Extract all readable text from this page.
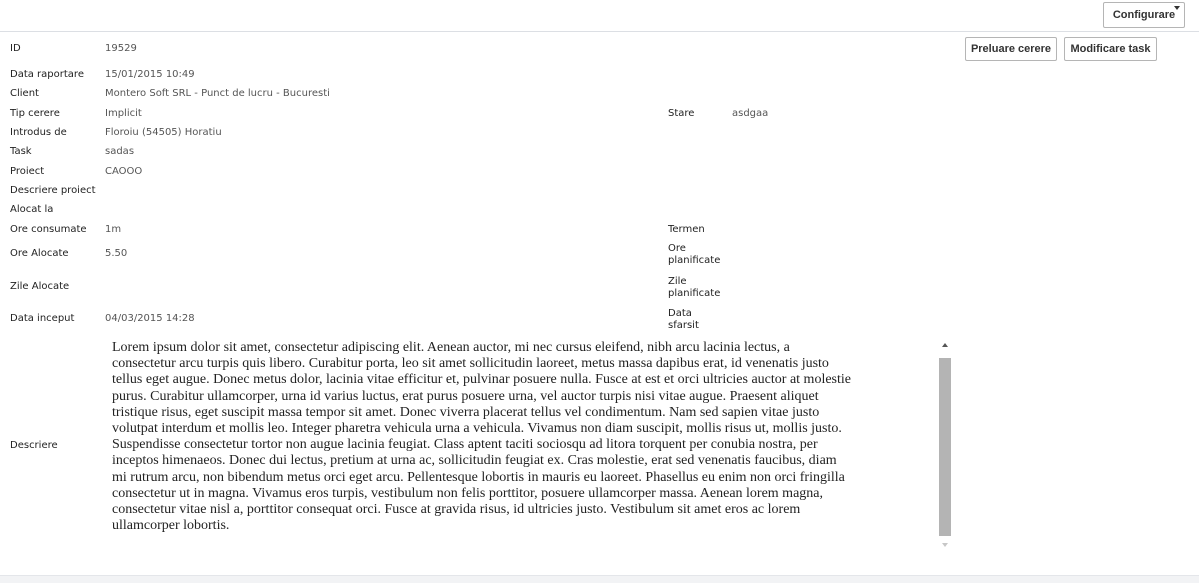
Configurare
Preluare cerere	Modificare task
ID	19529
Data raportare 15/01/2015 10:49
Client	Montero Soft SRL - Punct de lucru - Bucuresti
Tip cerere	Implicit	Stare	asdgaa
Introdus de	Floroiu (54505) Horatiu
Task	sadas
Proiect	CAOOO
Descriere proiect
Alocat la
Ore consumate 1m	Termen
Ore Alocate	5.50	Ore
planificate
Zile Alocate	Zile
planificate
Data inceput	04/03/2015 14:28	Data
sfarsit
Descriere
Lorem ipsum dolor sit amet, consectetur adipiscing elit. Aenean auctor, mi nec cursus eleifend, nibh arcu lacinia lectus, a
consectetur arcu turpis quis libero. Curabitur porta, leo sit amet sollicitudin laoreet, metus massa dapibus erat, id venenatis justo
tellus eget augue. Donec metus dolor, lacinia vitae efficitur et, pulvinar posuere nulla. Fusce at est et orci ultricies auctor at molestie
purus. Curabitur ullamcorper, urna id varius luctus, erat purus posuere urna, vel auctor turpis nisi vitae augue. Praesent aliquet
tristique risus, eget suscipit massa tempor sit amet. Donec viverra placerat tellus vel condimentum. Nam sed sapien vitae justo
volutpat interdum et mollis leo. Integer pharetra vehicula urna a vehicula. Vivamus non diam suscipit, mollis risus ut, mollis justo.
Suspendisse consectetur tortor non augue lacinia feugiat. Class aptent taciti sociosqu ad litora torquent per conubia nostra, per
inceptos himenaeos. Donec dui lectus, pretium at urna ac, sollicitudin feugiat ex. Cras molestie, erat sed venenatis faucibus, diam
mi rutrum arcu, non bibendum metus orci eget arcu. Pellentesque lobortis in mauris eu laoreet. Phasellus eu enim non orci fringilla
consectetur ut in magna. Vivamus eros turpis, vestibulum non felis porttitor, posuere ullamcorper massa. Aenean lorem magna,
consectetur vitae nisl a, porttitor consequat orci. Fusce at gravida risus, id ultricies justo. Vestibulum sit amet eros ac lorem
ullamcorper lobortis.
